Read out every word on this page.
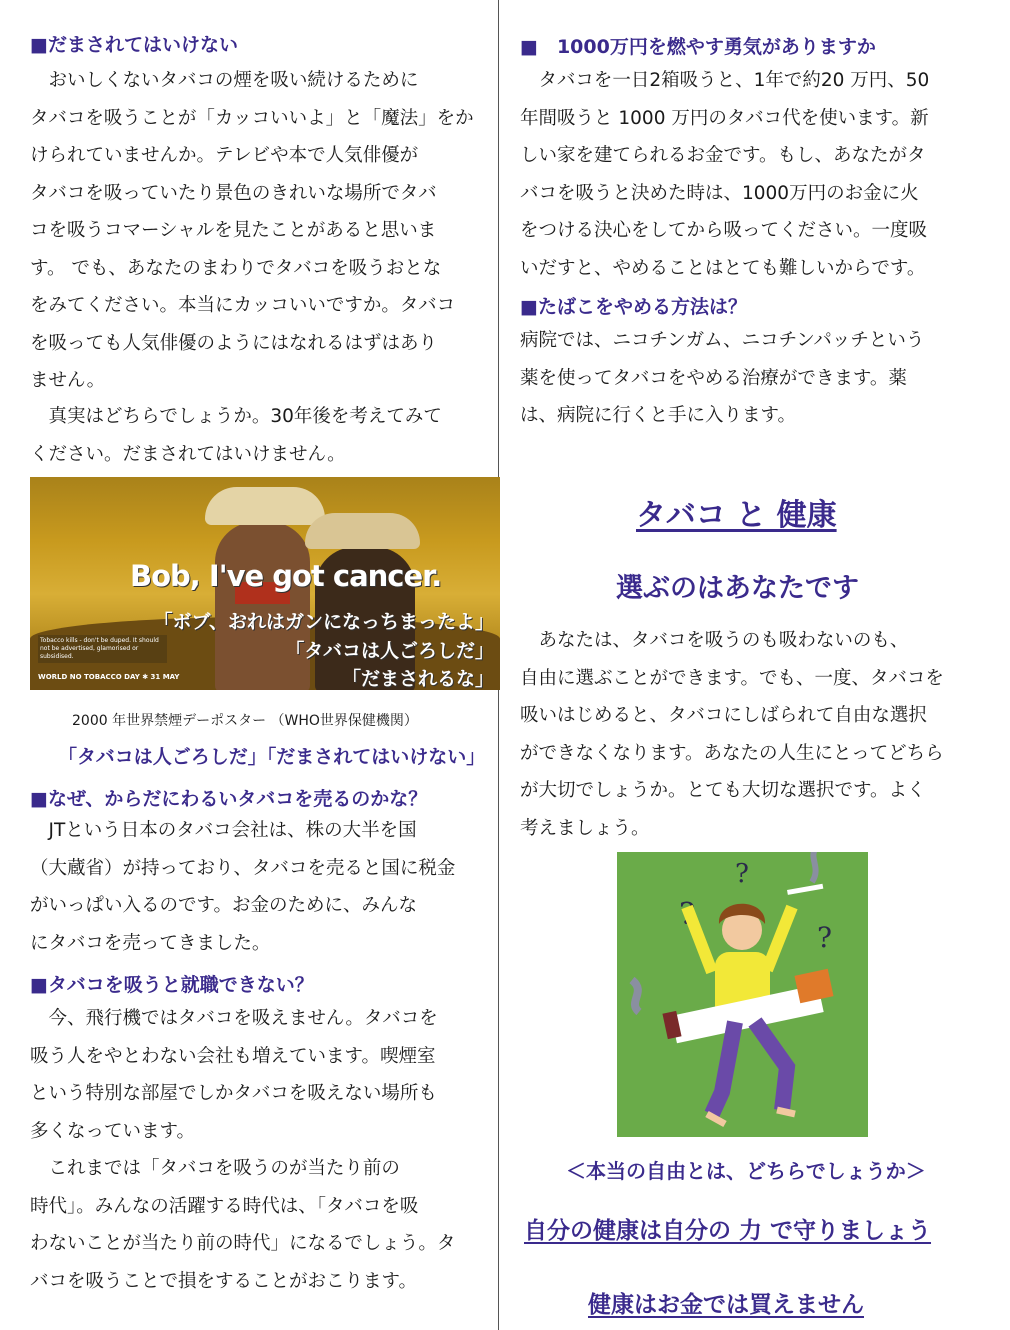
■だまされてはいけない
　おいしくないタバコの煙を吸い続けるために
タバコを吸うことが「カッコいいよ」と「魔法」をか
けられていませんか。テレビや本で人気俳優が
タバコを吸っていたり景色のきれいな場所でタバ
コを吸うコマーシャルを見たことがあると思いま
す。 でも、あなたのまわりでタバコを吸うおとな
をみてください。本当にカッコいいですか。タバコ
を吸っても人気俳優のようにはなれるはずはあり
ません。
　真実はどちらでしょうか。30年後を考えてみて
ください。だまされてはいけません。
Bob, I've got cancer.
「ボブ、おれはガンになっちまったよ」
「タバコは人ごろしだ」
「だまされるな」
Tobacco kills - don't be duped. It should not be advertised, glamorised or subsidised.
WORLD NO TOBACCO DAY ✱ 31 MAY
2000 年世界禁煙デーポスター （WHO世界保健機関）
「タバコは人ごろしだ」「だまされてはいけない」
■なぜ、からだにわるいタバコを売るのかな？
　JTという日本のタバコ会社は、株の大半を国
（大蔵省）が持っており、タバコを売ると国に税金
がいっぱい入るのです。お金のために、みんな
にタバコを売ってきました。
■タバコを吸うと就職できない？
　今、飛行機ではタバコを吸えません。タバコを
吸う人をやとわない会社も増えています。喫煙室
という特別な部屋でしかタバコを吸えない場所も
多くなっています。
　これまでは「タバコを吸うのが当たり前の
時代」。みんなの活躍する時代は、「タバコを吸
わないことが当たり前の時代」になるでしょう。タ
バコを吸うことで損をすることがおこります。
■　1000万円を燃やす勇気がありますか
　タバコを一日2箱吸うと、1年で約20 万円、50
年間吸うと 1000 万円のタバコ代を使います。新
しい家を建てられるお金です。もし、あなたがタ
バコを吸うと決めた時は、1000万円のお金に火
をつける決心をしてから吸ってください。一度吸
いだすと、やめることはとても難しいからです。
■たばこをやめる方法は？
病院では、ニコチンガム、ニコチンパッチという
薬を使ってタバコをやめる治療ができます。薬
は、病院に行くと手に入ります。
タバコ と 健康
選ぶのはあなたです
　あなたは、タバコを吸うのも吸わないのも、
自由に選ぶことができます。でも、一度、タバコを
吸いはじめると、タバコにしばられて自由な選択
ができなくなります。あなたの人生にとってどちら
が大切でしょうか。とても大切な選択です。よく
考えましょう。
?
?
?
＜本当の自由とは、どちらでしょうか＞
自分の健康は自分の 力 で守りましょう
健康はお金では買えません
